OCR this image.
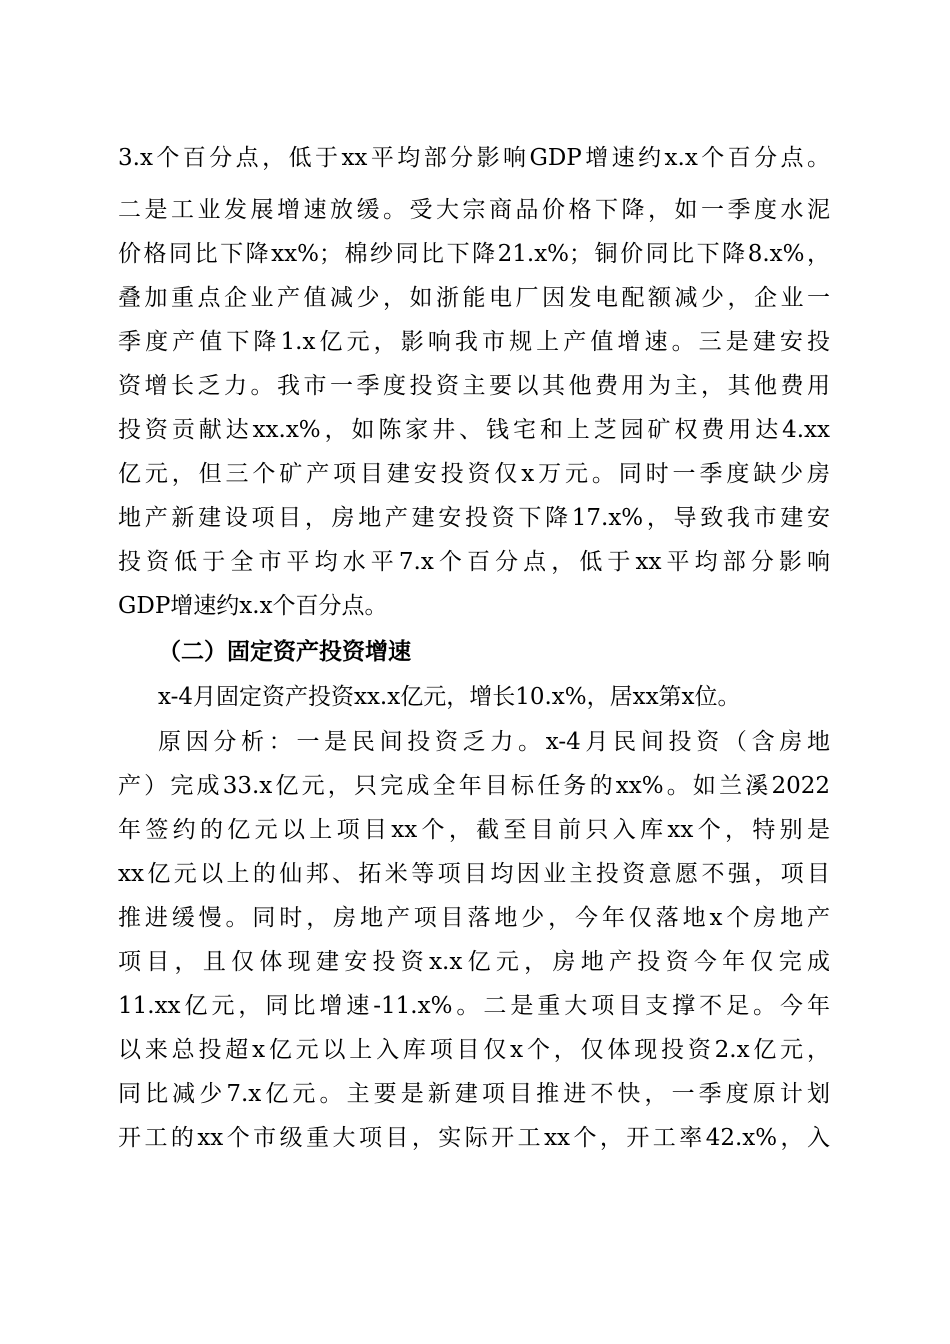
3.x个百分点，低于xx平均部分影响GDP增速约x.x个百分点。
二是工业发展增速放缓。受大宗商品价格下降，如一季度水泥
价格同比下降xx%；棉纱同比下降21.x%；铜价同比下降8.x%，
叠加重点企业产值减少，如浙能电厂因发电配额减少，企业一
季度产值下降1.x亿元，影响我市规上产值增速。三是建安投
资增长乏力。我市一季度投资主要以其他费用为主，其他费用
投资贡献达xx.x%，如陈家井、钱宅和上芝园矿权费用达4.xx
亿元，但三个矿产项目建安投资仅x万元。同时一季度缺少房
地产新建设项目，房地产建安投资下降17.x%，导致我市建安
投资低于全市平均水平7.x个百分点，低于xx平均部分影响
GDP增速约x.x个百分点。
（二）固定资产投资增速
x-4月固定资产投资xx.x亿元，增长10.x%，居xx第x位。
原因分析：一是民间投资乏力。x-4月民间投资（含房地
产）完成33.x亿元，只完成全年目标任务的xx%。如兰溪2022
年签约的亿元以上项目xx个，截至目前只入库xx个，特别是
xx亿元以上的仙邦、拓米等项目均因业主投资意愿不强，项目
推进缓慢。同时，房地产项目落地少，今年仅落地x个房地产
项目，且仅体现建安投资x.x亿元，房地产投资今年仅完成
11.xx亿元，同比增速-11.x%。二是重大项目支撑不足。今年
以来总投超x亿元以上入库项目仅x个，仅体现投资2.x亿元，
同比减少7.x亿元。主要是新建项目推进不快，一季度原计划
开工的xx个市级重大项目，实际开工xx个，开工率42.x%，入
